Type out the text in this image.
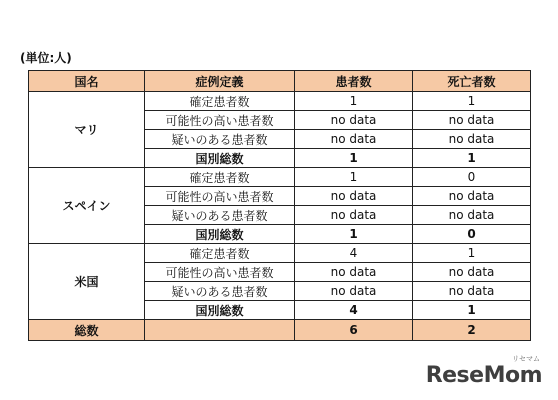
(単位:人)
国名	症例定義	患者数	死亡者数
マリ	確定患者数	1	1
	可能性の高い患者数	no data	no data
	疑いのある患者数	no data	no data
	国別総数	1	1
スペイン	確定患者数	1	0
	可能性の高い患者数	no data	no data
	疑いのある患者数	no data	no data
	国別総数	1	0
米国	確定患者数	4	1
	可能性の高い患者数	no data	no data
	疑いのある患者数	no data	no data
	国別総数	4	1
総数		6	2
リセマム
ReseMom
